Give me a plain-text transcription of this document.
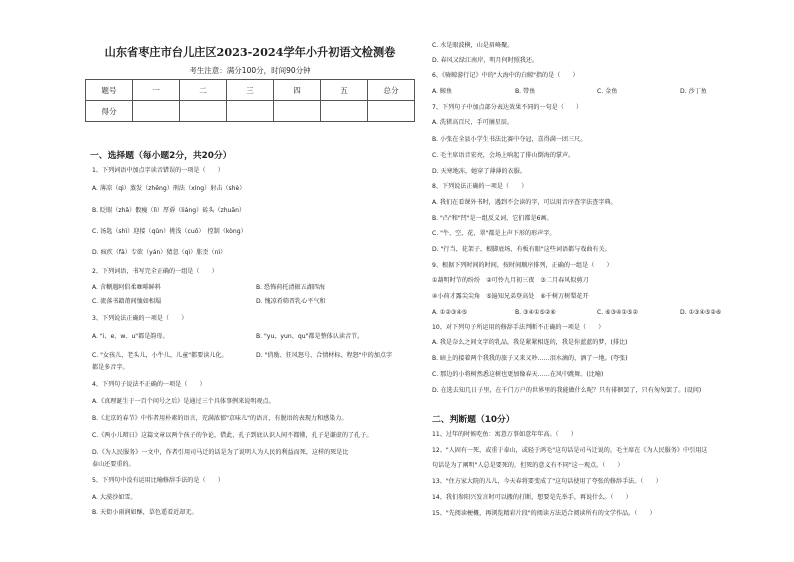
山东省枣庄市台儿庄区2023-2024学年小升初语文检测卷
考生注意：满分100分，时间90分钟
题号	一	二	三	四	五	总分
得分						
一、选择题（每小题2分，共20分）
1、下列词语中加点字读音错误的一项是（　　）
A. 薄凉（qì）蒸发（zhēng）刑法（xíng）射击（shè）
B. 眨眼（zhǎ）骰瘦（lì）厚孬（liáng）砖头（zhuān）
C. 汤匙（shì）迎接（qǔn）挑浅（cuō）　控制（kòng）
D. 疯疚（fā）专欲（yán）猜忽（qì）胀歪（nì）
2、下列词语，书写完全正确的一组是（　　）
A. 含糊遇阿倡柔咖啡鲜料	B. 恐怖荷托清振五湖四海
C. 流落书籍莆间恤如相塌	D. 愧凉肴筛晋乳心平气和
3、下列说法正确的一项是（　　）
A. "i、e、w、u"都是韵母。	B. "yu、yun、qu"都是整体认读音节。
C. "女孩儿，老头儿，小牛儿，儿童"都要读儿化。	D. "俏励、狂风怒号、合情材标、程怒"中的加点字
都是多音字。
4、下列句子说法不正确的一项是（　　）
A.《真理诞生于一百个问号之后》是通过三个具体事例来说明观点。
B.《北京的春节》中作者用朴素的语言，充满浓郁"京味儿"的语言，有脱语的表现力和感染力。
C.《两小儿辩日》这篇文章以两个孩子的争论，借此，孔子到底认识人间不都懂，孔子是谦虚的了孔子。
D.《为人民服务》一文中，作者引用司马迁的话是为了说明人为人民的利益而死，这样的死是比
泰山还要重的。
5、下列句中没有运用比喻修辞手法的是（　　）
A. 大漠沙如雪。
B. 天街小雨润如酥，草色遥看近却无。
C. 水是眼波横，山是眉峰聚。
D. 春风又绿江南岸，明月何时照我还。
6、《骑鲸游行记》中的"大海中的白鲸"指的是（　　）
A. 鲸鱼	B. 带鱼	C. 金鱼	D. 沙丁鱼
7、下列句子中加点部分表达效果不同的一句是（　　）
A. 洗猪高百尺，手可摘星辰。
B. 小张在全县小学生书法比赛中夺冠，喜得满一团三尺。
C. 毛主席语音宏亮，会场上响起了排山倒海的掌声。
D. 天寒地冻，她穿了薄薄的衣服。
8、下列说法正确的一项是（　　）
A. 我们在看课外书时，遇到不会读的字，可以用音序查字法查字典。
B. "凸"和"凹"是一组反义词，它们都是6画。
C. "牛、空、花、翠"都是上声下形的形声字。
D. "行当、花架子、根脚底场、有板有眼"这些词语都与戏曲有关。
9、根据下列时间的时间，按时间顺序排列，正确的一组是（　　）
①葫明时节的纷纷　②可怜九月初三夜　③二月春风似剪刀
④小荷才露尖尖角　⑤遍知兄弟登高处　⑥千树万树梨花开
A. ①②③④⑤	B. ③④①⑤②⑥	C. ⑥③④①⑤②	D. ①③④⑤②⑥
10、对下列句子所运用的修辞手法判断不正确的一项是（　　）
A. 我是奈么之间文字的乳品，我是紧紧相连的，我是你蓝蓝的梦，(排比)
B. 暗上的接着两个我我的旅子又来又吵……泪水滴的，酒了一地。(夸张)
C. 那边的小将树然悉这树也更加像春天……在风中跳舞。(比喻)
D. 在选去知几日子里，在千门万户的世界里的我能做什么呢？只有徘徊罢了，只有匆匆罢了。(设问)
二、判断题（10分）
11、过年的时候吃鱼：寓意万事如意年年高。（　　）
12、"人固有一死，或重于泰山，或轻于鸿毛"这句话是司马迁说的。毛主席在《为人民服务》中引用这
句话是为了阐明"人总是要死的，但死的意义有不同"这一观点。（　　）
13、"住方家大院的儿儿，今天春将要变成了"这句话使用了夸张的修辞手法。（　　）
14、我们参阳兴发言时可以搬的打断，想要是先举手，再说什么。（　　）
15、"先阅读梗概，再浏览精彩片段"的阅读方法适合阅读所有的文学作品。（　　）
